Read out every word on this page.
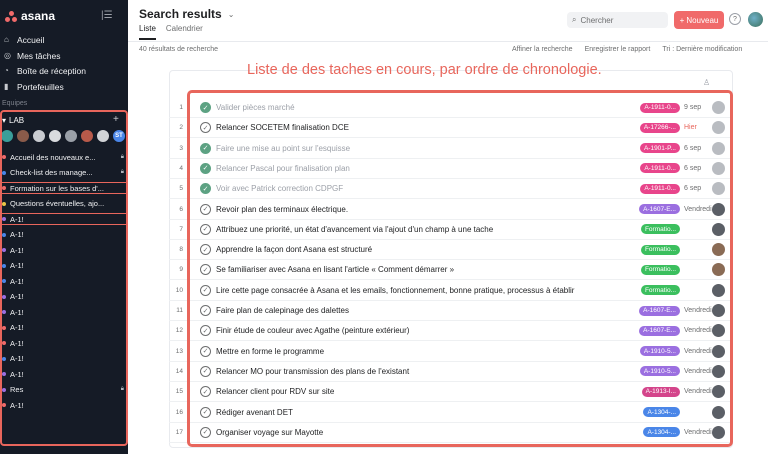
asana	|☰
⌂ Accueil
◎ Mes tâches
◔ Boîte de réception
▮	Portefeuilles
Equipes
▾ LAB	+
ST
Accueil des nouveaux e...	🔒︎
Check-list des manage...	🔒︎
Formation sur les bases d'...
Questions éventuelles, ajo...
A-1!
A-1!
A-1!
A-1!
A-1!
A-1!
A-1!
A-1!
A-1!
A-1!
A-1!
Res	🔒︎
A-1!
Search results ⌄
Liste Calendrier
⌕ Chercher	+ Nouveau	?
40 résultats de recherche	Affiner la recherche Enregistrer le rapport Tri : Dernière modification
Liste de des taches en cours, par ordre de chronologie.
♙
1	✓ Valider pièces marché	A-1911-0...	9 sep
2	✓ Relancer SOCETEM finalisation DCE	A-17266-...	Hier
3	✓ Faire une mise au point sur l'esquisse	A-1901-P...	6 sep
4	✓ Relancer Pascal pour finalisation plan	A-1911-0...	6 sep
5	✓ Voir avec Patrick correction CDPGF	A-1911-0...	6 sep
6	✓ Revoir plan des terminaux électrique.	A-1607-E...	Vendredi
7	✓ Attribuez une priorité, un état d'avancement via l'ajout d'un champ à une tache	Formatio...
8	✓ Apprendre la façon dont Asana est structuré	Formatio...
9	✓ Se familiariser avec Asana en lisant l'article « Comment démarrer »	Formatio...
10	✓ Lire cette page consacrée à Asana et les emails, fonctionnement, bonne pratique, processus à établir	Formatio...
11	✓ Faire plan de calepinage des dalettes	A-1607-E...	Vendredi
12	✓ Finir étude de couleur avec Agathe (peinture extérieur)	A-1607-E...	Vendredi
13	✓ Mettre en forme le programme	A-1910-5...	Vendredi
14	✓ Relancer MO pour transmission des plans de l'existant	A-1910-5...	Vendredi
15	✓ Relancer client pour RDV sur site	A-1913-I...	Vendredi
16	✓ Rédiger avenant DET	A-1304-...
17	✓ Organiser voyage sur Mayotte	A-1304-...	Vendredi
